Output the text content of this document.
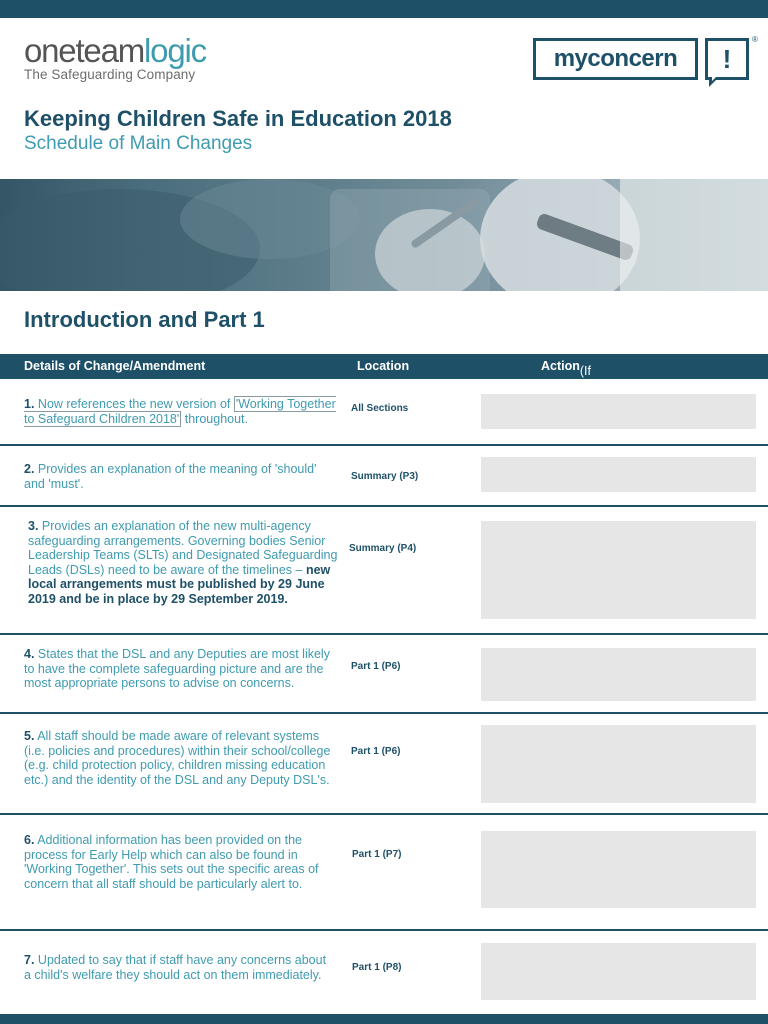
oneteamlogic
The Safeguarding Company
myconcern	!
®
Keeping Children Safe in Education 2018
Schedule of Main Changes
Introduction and Part 1
Details of Change/Amendment	Location	Action (If relevant)
1. Now references the new version of 'Working Together to Safeguard Children 2018' throughout.
All Sections
2. Provides an explanation of the meaning of 'should' and 'must'.
Summary (P3)
3. Provides an explanation of the new multi-agency safeguarding arrangements. Governing bodies Senior Leadership Teams (SLTs) and Designated Safeguarding Leads (DSLs) need to be aware of the timelines – new local arrangements must be published by 29 June 2019 and be in place by 29 September 2019.
Summary (P4)
4. States that the DSL and any Deputies are most likely to have the complete safeguarding picture and are the most appropriate persons to advise on concerns.
Part 1 (P6)
5. All staff should be made aware of relevant systems (i.e. policies and procedures) within their school/college (e.g. child protection policy, children missing education etc.) and the identity of the DSL and any Deputy DSL's.
Part 1 (P6)
6. Additional information has been provided on the process for Early Help which can also be found in 'Working Together'. This sets out the specific areas of concern that all staff should be particularly alert to.
Part 1 (P7)
7. Updated to say that if staff have any concerns about a child's welfare they should act on them immediately.
Part 1 (P8)
